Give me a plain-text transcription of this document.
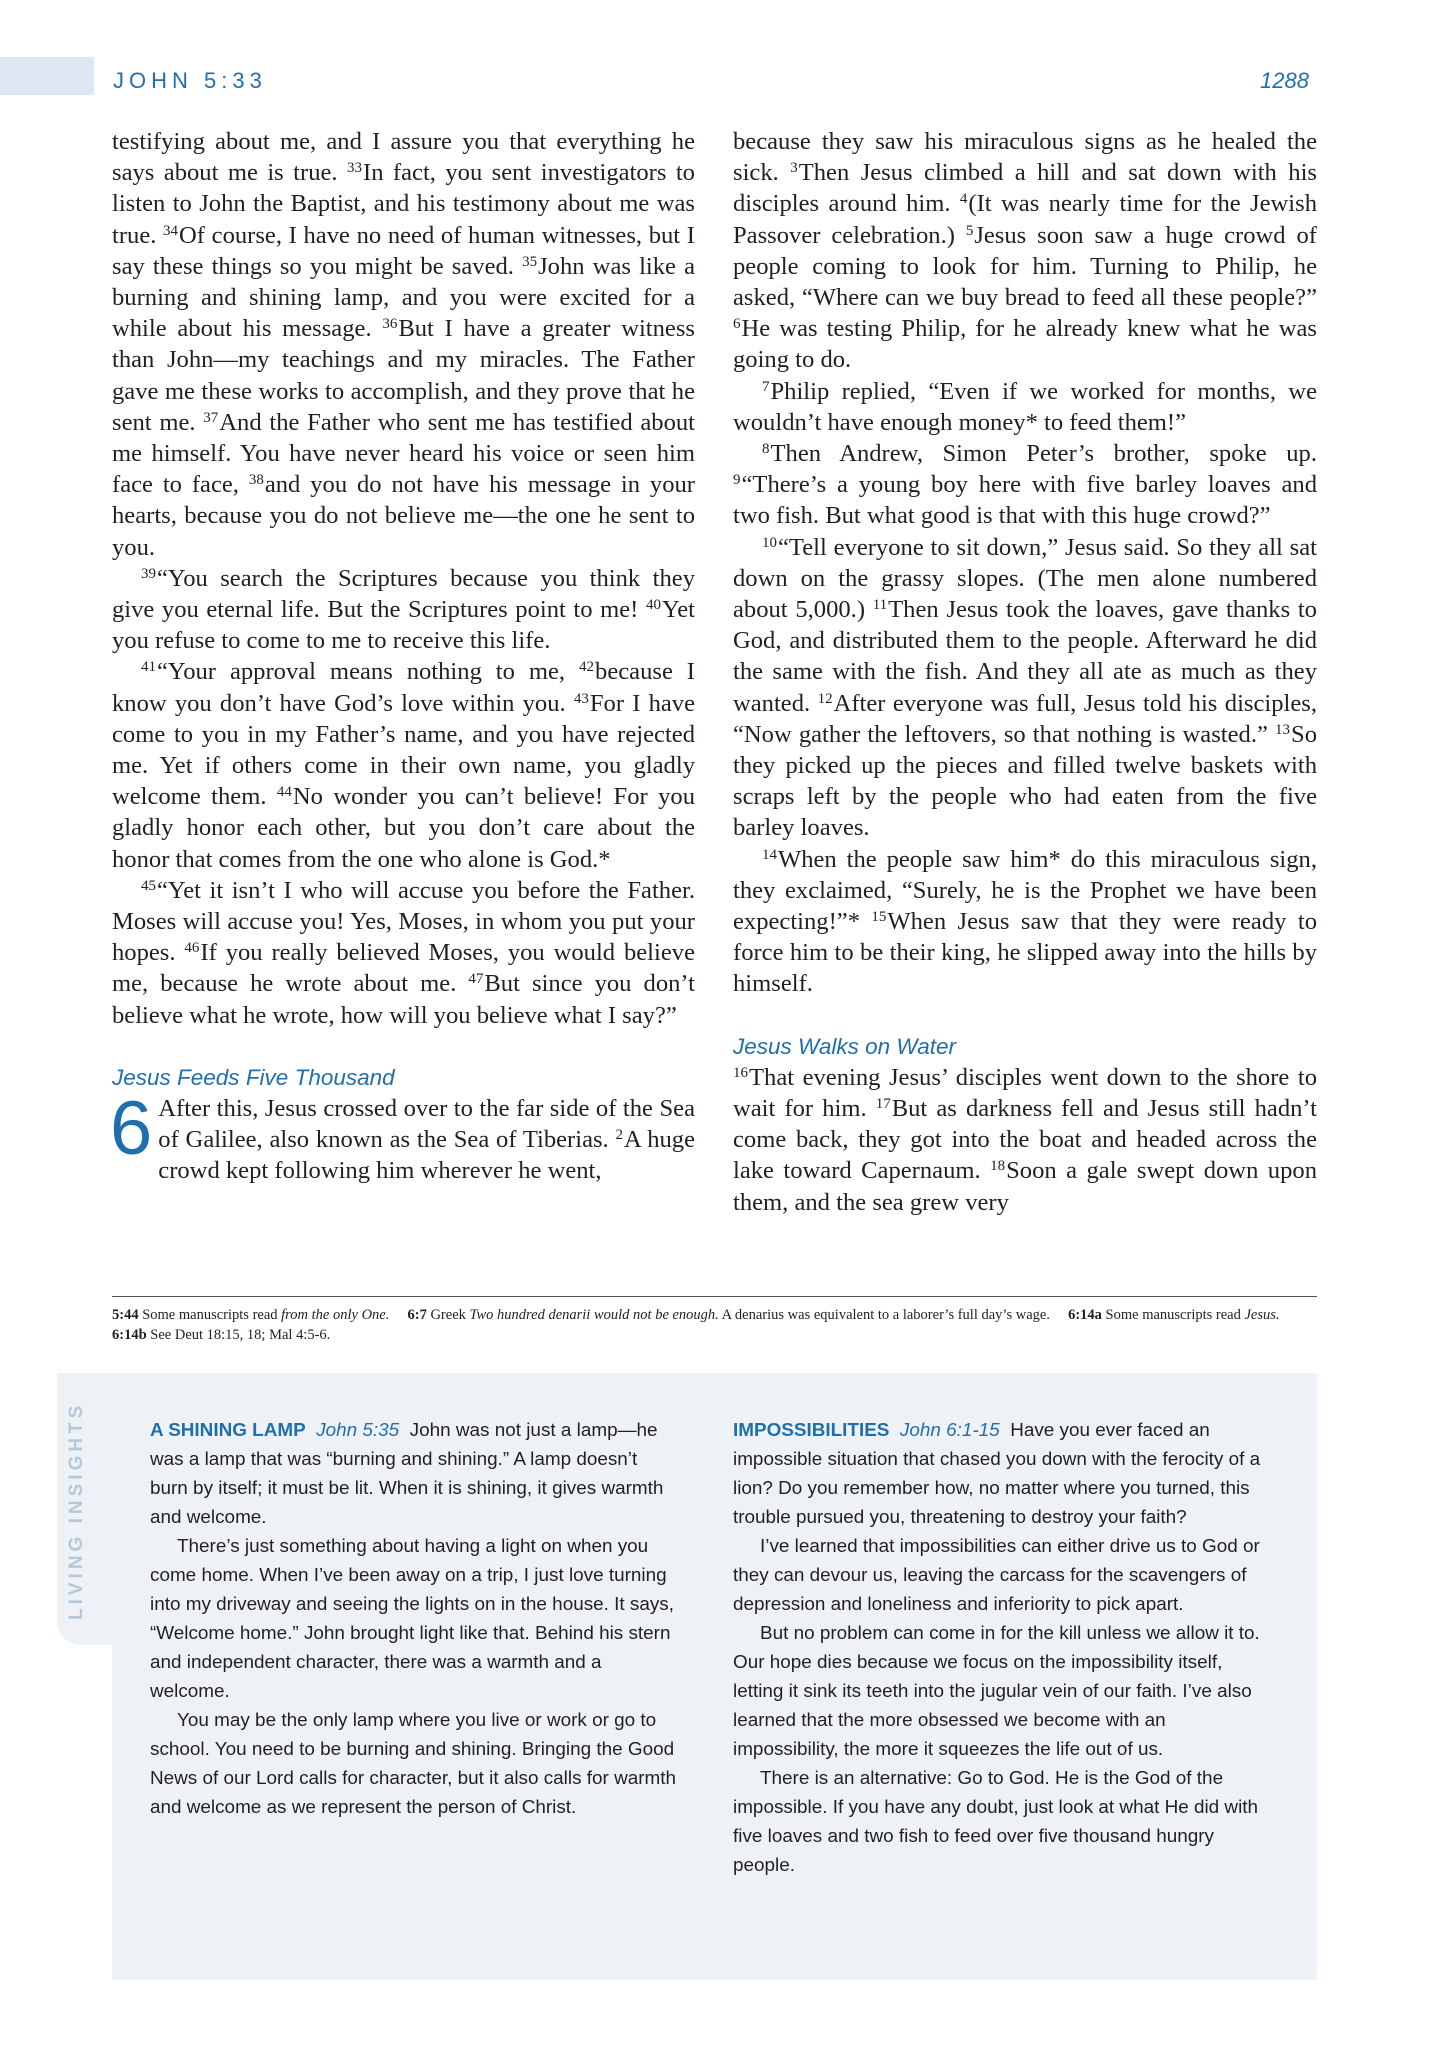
JOHN 5:33	1288

testifying about me, and I assure you that everything he says about me is true. $^{33}$In fact, you sent investigators to listen to John the Baptist, and his testimony about me was true. $^{34}$Of course, I have no need of human witnesses, but I say these things so you might be saved. $^{35}$John was like a burning and shining lamp, and you were excited for a while about his message. $^{36}$But I have a greater witness than John—my teachings and my miracles. The Father gave me these works to accomplish, and they prove that he sent me. $^{37}$And the Father who sent me has testified about me himself. You have never heard his voice or seen him face to face, $^{38}$and you do not have his message in your hearts, because you do not believe me—the one he sent to you.

$^{39}$“You search the Scriptures because you think they give you eternal life. But the Scriptures point to me! $^{40}$Yet you refuse to come to me to receive this life.

$^{41}$“Your approval means nothing to me, $^{42}$because I know you don’t have God’s love within you. $^{43}$For I have come to you in my Father’s name, and you have rejected me. Yet if others come in their own name, you gladly welcome them. $^{44}$No wonder you can’t believe! For you gladly honor each other, but you don’t care about the honor that comes from the one who alone is God.*

$^{45}$“Yet it isn’t I who will accuse you before the Father. Moses will accuse you! Yes, Moses, in whom you put your hopes. $^{46}$If you really believed Moses, you would believe me, because he wrote about me. $^{47}$But since you don’t believe what he wrote, how will you believe what I say?”

Jesus Feeds Five Thousand

6 After this, Jesus crossed over to the far side of the Sea of Galilee, also known as the Sea of Tiberias. $^2$A huge crowd kept following him wherever he went,

because they saw his miraculous signs as he healed the sick. $^3$Then Jesus climbed a hill and sat down with his disciples around him. $^4$(It was nearly time for the Jewish Passover celebration.) $^5$Jesus soon saw a huge crowd of people coming to look for him. Turning to Philip, he asked, “Where can we buy bread to feed all these people?” $^6$He was testing Philip, for he already knew what he was going to do.

$^7$Philip replied, “Even if we worked for months, we wouldn’t have enough money* to feed them!”

$^8$Then Andrew, Simon Peter’s brother, spoke up. $^9$“There’s a young boy here with five barley loaves and two fish. But what good is that with this huge crowd?”

$^{10}$“Tell everyone to sit down,” Jesus said. So they all sat down on the grassy slopes. (The men alone numbered about 5,000.) $^{11}$Then Jesus took the loaves, gave thanks to God, and distributed them to the people. Afterward he did the same with the fish. And they all ate as much as they wanted. $^{12}$After everyone was full, Jesus told his disciples, “Now gather the leftovers, so that nothing is wasted.” $^{13}$So they picked up the pieces and filled twelve baskets with scraps left by the people who had eaten from the five barley loaves.

$^{14}$When the people saw him* do this miraculous sign, they exclaimed, “Surely, he is the Prophet we have been expecting!”* $^{15}$When Jesus saw that they were ready to force him to be their king, he slipped away into the hills by himself.

Jesus Walks on Water

$^{16}$That evening Jesus’ disciples went down to the shore to wait for him. $^{17}$But as darkness fell and Jesus still hadn’t come back, they got into the boat and headed across the lake toward Capernaum. $^{18}$Soon a gale swept down upon them, and the sea grew very

5:44 Some manuscripts read from the only One. 6:7 Greek Two hundred denarii would not be enough. A denarius was equivalent to a laborer’s full day’s wage. 6:14a Some manuscripts read Jesus.     6:14b See Deut 18:15, 18; Mal 4:5-6.
LIVING INSIGHTS	A SHINING LAMP John 5:35 John was not just a lamp—he was a lamp that was “burning and shining.” A lamp doesn’t burn by itself; it must be lit. When it is shining, it gives warmth and welcome.

There’s just something about having a light on when you come home. When I’ve been away on a trip, I just love turning into my driveway and seeing the lights on in the house. It says, “Welcome home.” John brought light like that. Behind his stern and independent character, there was a warmth and a welcome.

You may be the only lamp where you live or work or go to school. You need to be burning and shining. Bringing the Good News of our Lord calls for character, but it also calls for warmth and welcome as we represent the person of Christ.

IMPOSSIBILITIES John 6:1-15 Have you ever faced an impossible situation that chased you down with the ferocity of a lion? Do you remember how, no matter where you turned, this trouble pursued you, threatening to destroy your faith?

I’ve learned that impossibilities can either drive us to God or they can devour us, leaving the carcass for the scavengers of depression and loneliness and inferiority to pick apart.

But no problem can come in for the kill unless we allow it to. Our hope dies because we focus on the impossibility itself, letting it sink its teeth into the jugular vein of our faith. I’ve also learned that the more obsessed we become with an impossibility, the more it squeezes the life out of us.

There is an alternative: Go to God. He is the God of the impossible. If you have any doubt, just look at what He did with five loaves and two fish to feed over five thousand hungry people.
